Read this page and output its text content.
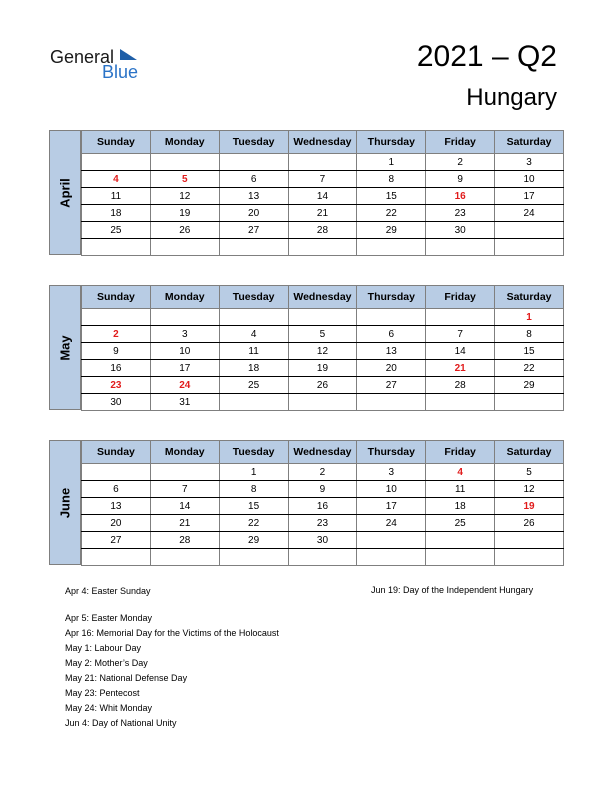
General
Blue	2021 – Q2
Hungary
April
Sunday	Monday	Tuesday	Wednesday	Thursday	Friday	Saturday
				1	2	3
4	5	6	7	8	9	10
11	12	13	14	15	16	17
18	19	20	21	22	23	24
25	26	27	28	29	30	

May
Sunday	Monday	Tuesday	Wednesday	Thursday	Friday	Saturday
						1
2	3	4	5	6	7	8
9	10	11	12	13	14	15
16	17	18	19	20	21	22
23	24	25	26	27	28	29
30	31					
June
Sunday	Monday	Tuesday	Wednesday	Thursday	Friday	Saturday
		1	2	3	4	5
6	7	8	9	10	11	12
13	14	15	16	17	18	19
20	21	22	23	24	25	26
27	28	29	30			

Apr 4: Easter Sunday
Apr 5: Easter Monday
Apr 16: Memorial Day for the Victims of the Holocaust
May 1: Labour Day
May 2: Mother’s Day
May 21: National Defense Day
May 23: Pentecost
May 24: Whit Monday
Jun 4: Day of National Unity
Jun 19: Day of the Independent Hungary
